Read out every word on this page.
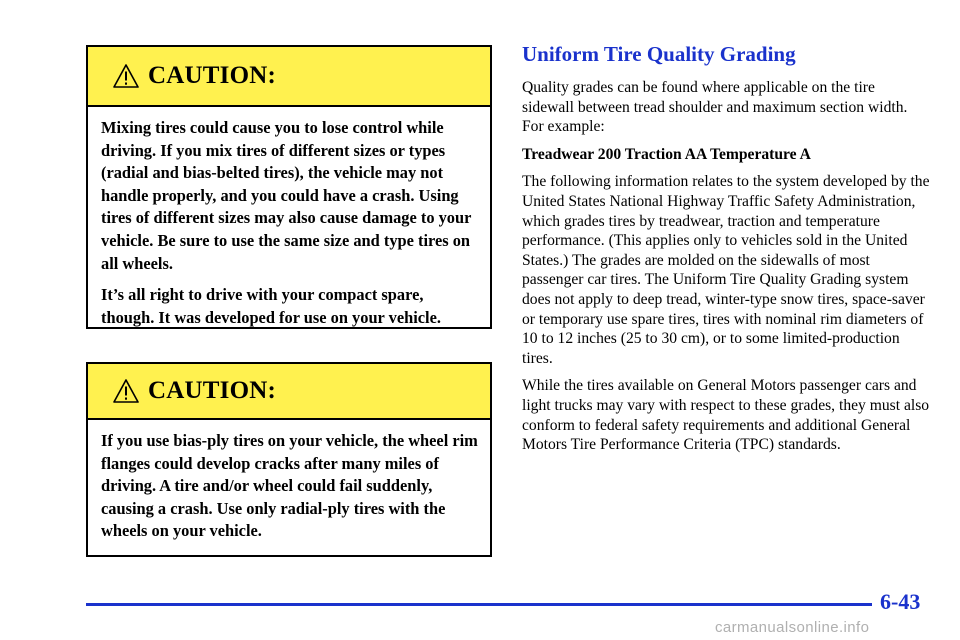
CAUTION:

Mixing tires could cause you to lose control while driving. If you mix tires of different sizes or types (radial and bias-belted tires), the vehicle may not handle properly, and you could have a crash. Using tires of different sizes may also cause damage to your vehicle. Be sure to use the same size and type tires on all wheels.

It’s all right to drive with your compact spare, though. It was developed for use on your vehicle.

CAUTION:

If you use bias-ply tires on your vehicle, the wheel rim flanges could develop cracks after many miles of driving. A tire and/or wheel could fail suddenly, causing a crash. Use only radial-ply tires with the wheels on your vehicle.

Uniform Tire Quality Grading

Quality grades can be found where applicable on the tire sidewall between tread shoulder and maximum section width. For example:

Treadwear 200 Traction AA Temperature A

The following information relates to the system developed by the United States National Highway Traffic Safety Administration, which grades tires by treadwear, traction and temperature performance. (This applies only to vehicles sold in the United States.) The grades are molded on the sidewalls of most passenger car tires. The Uniform Tire Quality Grading system does not apply to deep tread, winter-type snow tires, space-saver or temporary use spare tires, tires with nominal rim diameters of 10 to 12 inches (25 to 30 cm), or to some limited-production tires.

While the tires available on General Motors passenger cars and light trucks may vary with respect to these grades, they must also conform to federal safety requirements and additional General Motors Tire Performance Criteria (TPC) standards.

6-43
carmanualsonline.info
